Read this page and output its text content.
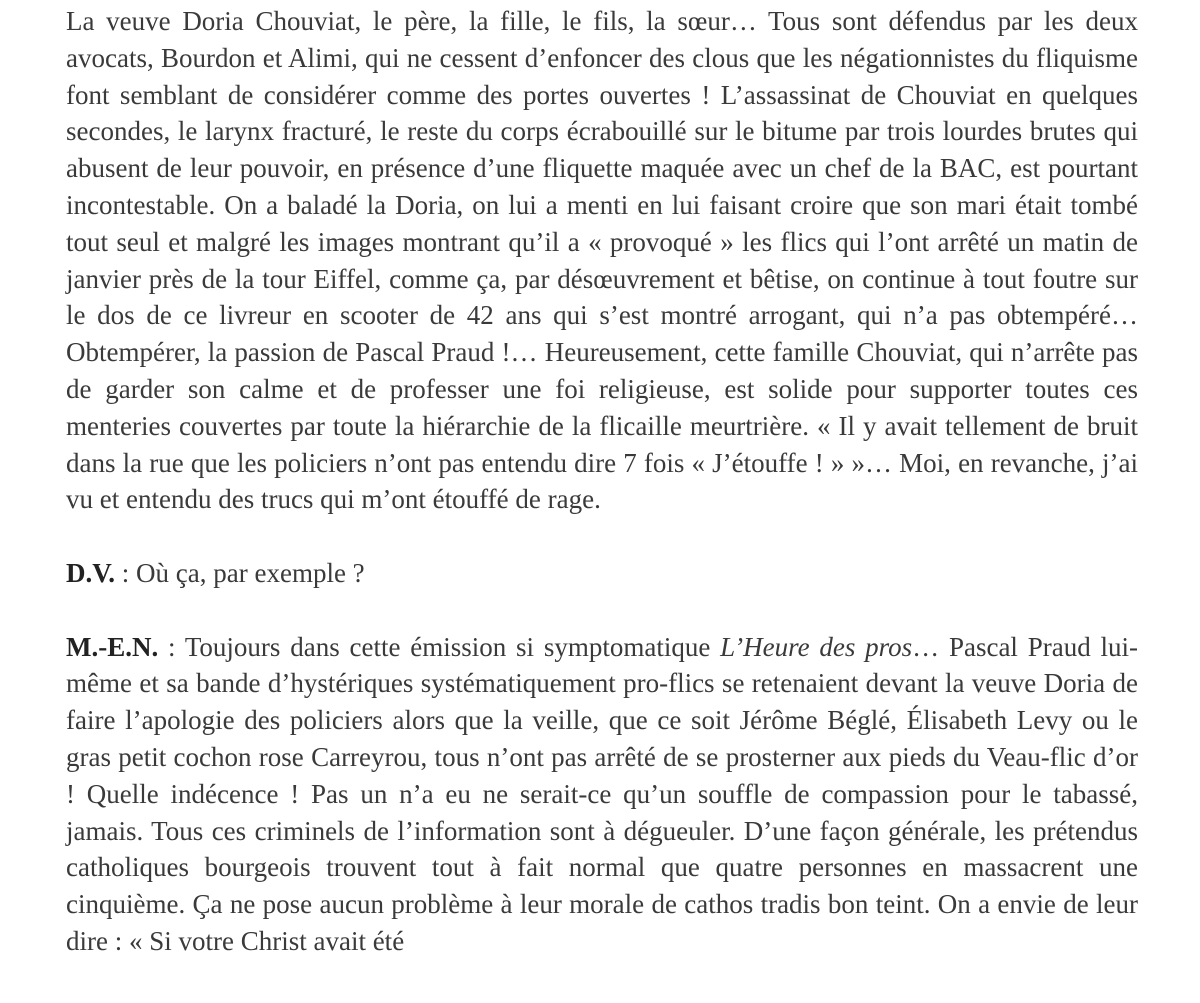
La veuve Doria Chouviat, le père, la fille, le fils, la sœur… Tous sont défendus par les deux avocats, Bourdon et Alimi, qui ne cessent d’enfoncer des clous que les négationnistes du fliquisme font semblant de considérer comme des portes ouvertes ! L’assassinat de Chouviat en quelques secondes, le larynx fracturé, le reste du corps écrabouillé sur le bitume par trois lourdes brutes qui abusent de leur pouvoir, en présence d’une fliquette maquée avec un chef de la BAC, est pourtant incontestable. On a baladé la Doria, on lui a menti en lui faisant croire que son mari était tombé tout seul et malgré les images montrant qu’il a « provoqué » les flics qui l’ont arrêté un matin de janvier près de la tour Eiffel, comme ça, par désœuvrement et bêtise, on continue à tout foutre sur le dos de ce livreur en scooter de 42 ans qui s’est montré arrogant, qui n’a pas obtempéré… Obtempérer, la passion de Pascal Praud !… Heureusement, cette famille Chouviat, qui n’arrête pas de garder son calme et de professer une foi religieuse, est solide pour supporter toutes ces menteries couvertes par toute la hiérarchie de la flicaille meurtrière. « Il y avait tellement de bruit dans la rue que les policiers n’ont pas entendu dire 7 fois « J’étouffe ! » »… Moi, en revanche, j’ai vu et entendu des trucs qui m’ont étouffé de rage.

D.V. : Où ça, par exemple ?

M.-E.N. : Toujours dans cette émission si symptomatique L’Heure des pros… Pascal Praud lui-même et sa bande d’hystériques systématiquement pro-flics se retenaient devant la veuve Doria de faire l’apologie des policiers alors que la veille, que ce soit Jérôme Béglé, Élisabeth Levy ou le gras petit cochon rose Carreyrou, tous n’ont pas arrêté de se prosterner aux pieds du Veau-flic d’or ! Quelle indécence ! Pas un n’a eu ne serait-ce qu’un souffle de compassion pour le tabassé, jamais. Tous ces criminels de l’information sont à dégueuler. D’une façon générale, les prétendus catholiques bourgeois trouvent tout à fait normal que quatre personnes en massacrent une cinquième. Ça ne pose aucun problème à leur morale de cathos tradis bon teint. On a envie de leur dire : « Si votre Christ avait été
